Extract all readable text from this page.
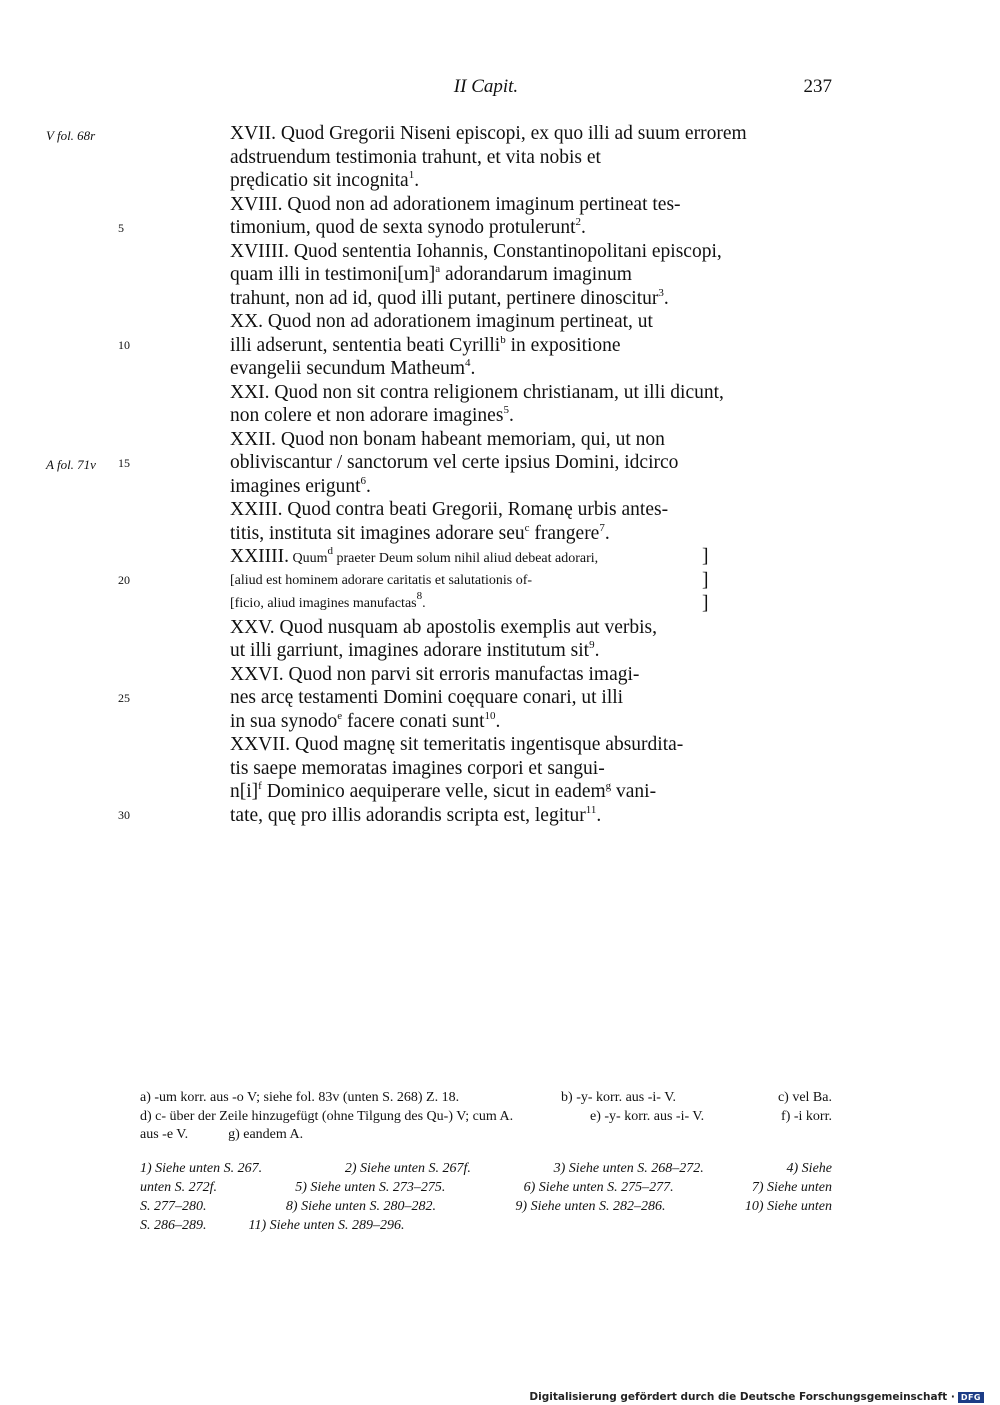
II Capit.	237
V fol. 68r
A fol. 71v
5
10
15
20
25
30
XVII. Quod Gregorii Niseni episcopi, ex quo illi ad suum errorem
adstruendum testimonia trahunt, et vita nobis et
prędicatio sit incognita$^1$.
XVIII. Quod non ad adorationem imaginum pertineat tes-
timonium, quod de sexta synodo protulerunt$^2$.
XVIIII. Quod sententia Iohannis, Constantinopolitani episcopi,
quam illi in testimoni[um]$^a$ adorandarum imaginum
trahunt, non ad id, quod illi putant, pertinere dinoscitur$^3$.
XX. Quod non ad adorationem imaginum pertineat, ut
illi adserunt, sententia beati Cyrilli$^b$ in expositione
evangelii secundum Matheum$^4$.
XXI. Quod non sit contra religionem christianam, ut illi dicunt,
non colere et non adorare imagines$^5$.
XXII. Quod non bonam habeant memoriam, qui, ut non
obliviscantur / sanctorum vel certe ipsius Domini, idcirco
imagines erigunt$^6$.
XXIII. Quod contra beati Gregorii, Romanę urbis antes-
titis, instituta sit imagines adorare seu$^c$ frangere$^7$.
XXIIII. Quum$^d$ praeter Deum solum nihil aliud debeat adorari,	]
[aliud est hominem adorare caritatis et salutationis of-	]
[ficio, aliud imagines manufactas$^8$.	]
XXV. Quod nusquam ab apostolis exemplis aut verbis,
ut illi garriunt, imagines adorare institutum sit$^9$.
XXVI. Quod non parvi sit erroris manufactas imagi-
nes arcę testamenti Domini coęquare conari, ut illi
in sua synodo$^e$ facere conati sunt$^{10}$.
XXVII. Quod magnę sit temeritatis ingentisque absurdita-
tis saepe memoratas imagines corpori et sangui-
$n[i]^f$ Dominico aequiperare velle, sicut in eadem$^g$ vani-
tate, quę pro illis adorandis scripta est, legitur$^{11}$.
a) -um korr. aus -o V; siehe fol. 83v (unten S. 268) Z. 18.	b) -y- korr. aus -i- V.	c) vel Ba.
d) c- über der Zeile hinzugefügt (ohne Tilgung des Qu-) V; cum A.	e) -y- korr. aus -i- V.	f) -i korr.
aus -e V.	g) eandem A.
1) Siehe unten S. 267.	2) Siehe unten S. 267f.	3) Siehe unten S. 268–272.	4) Siehe
unten S. 272f.	5) Siehe unten S. 273–275.	6) Siehe unten S. 275–277.	7) Siehe unten
S. 277–280.	8) Siehe unten S. 280–282.	9) Siehe unten S. 282–286.	10) Siehe unten
S. 286–289.	11) Siehe unten S. 289–296.
Digitalisierung gefördert durch die Deutsche Forschungsgemeinschaft · DFG
